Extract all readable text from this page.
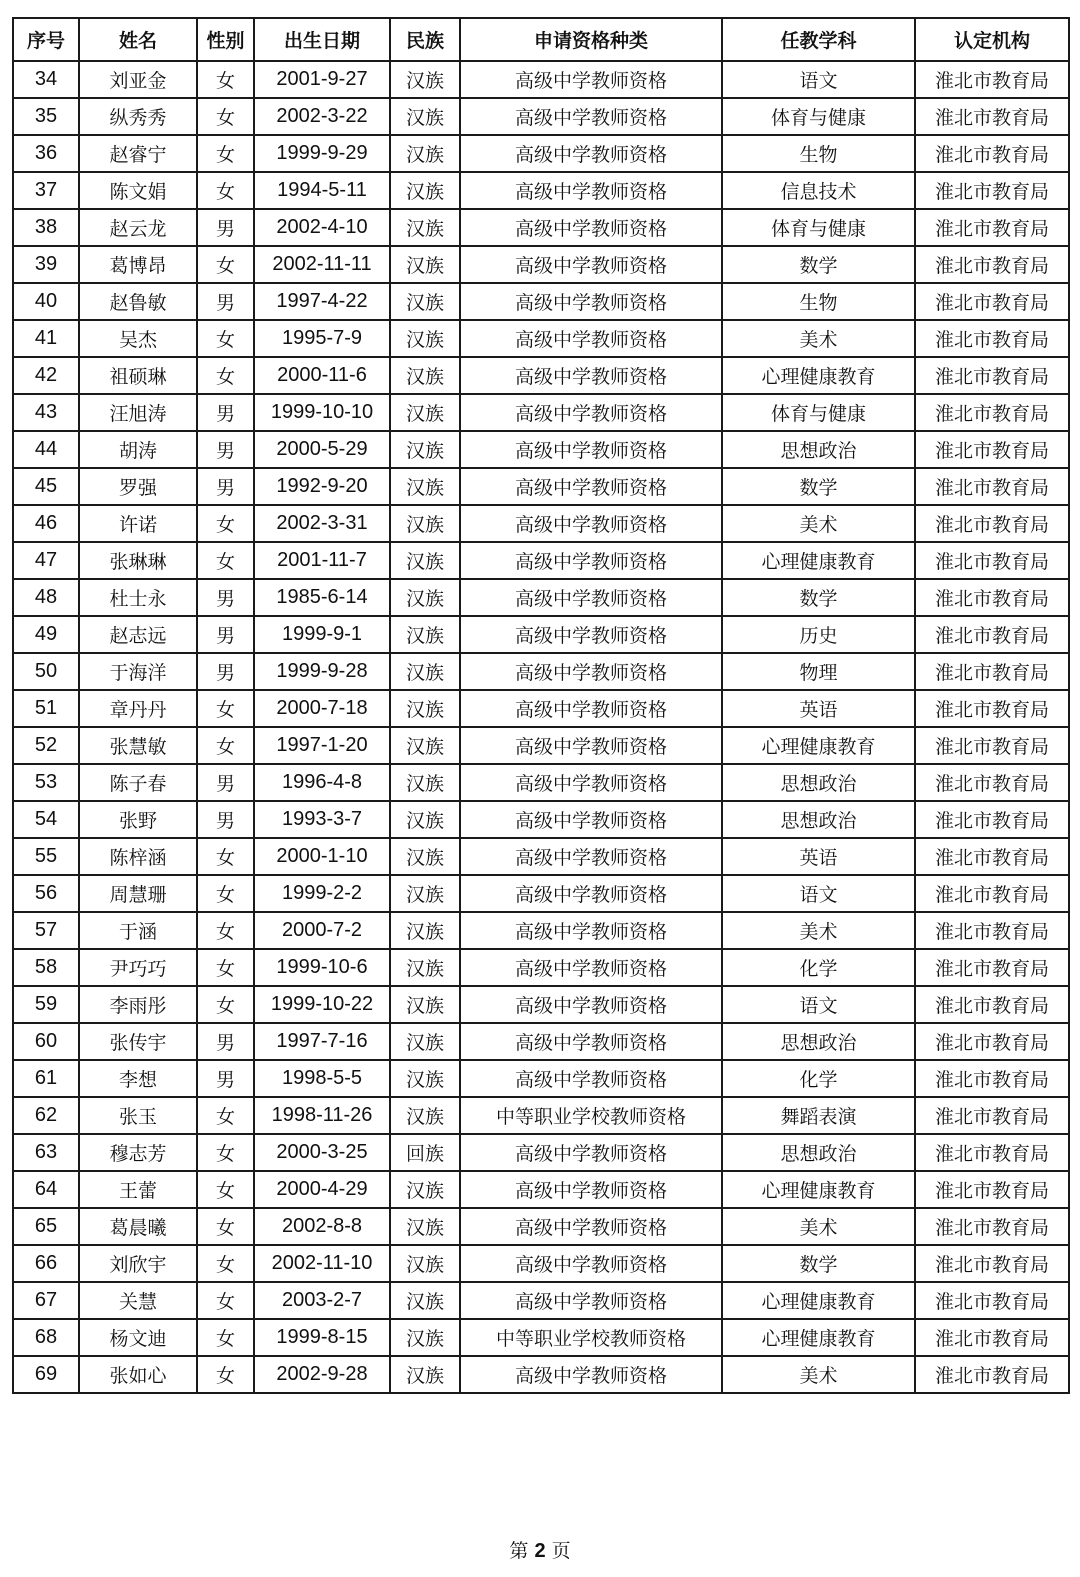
序号	姓名	性别	出生日期	民族	申请资格种类	任教学科	认定机构
34	刘亚金	女	2001-9-27	汉族	高级中学教师资格	语文	淮北市教育局
35	纵秀秀	女	2002-3-22	汉族	高级中学教师资格	体育与健康	淮北市教育局
36	赵睿宁	女	1999-9-29	汉族	高级中学教师资格	生物	淮北市教育局
37	陈文娟	女	1994-5-11	汉族	高级中学教师资格	信息技术	淮北市教育局
38	赵云龙	男	2002-4-10	汉族	高级中学教师资格	体育与健康	淮北市教育局
39	葛博昂	女	2002-11-11	汉族	高级中学教师资格	数学	淮北市教育局
40	赵鲁敏	男	1997-4-22	汉族	高级中学教师资格	生物	淮北市教育局
41	吴杰	女	1995-7-9	汉族	高级中学教师资格	美术	淮北市教育局
42	祖硕琳	女	2000-11-6	汉族	高级中学教师资格	心理健康教育	淮北市教育局
43	汪旭涛	男	1999-10-10	汉族	高级中学教师资格	体育与健康	淮北市教育局
44	胡涛	男	2000-5-29	汉族	高级中学教师资格	思想政治	淮北市教育局
45	罗强	男	1992-9-20	汉族	高级中学教师资格	数学	淮北市教育局
46	许诺	女	2002-3-31	汉族	高级中学教师资格	美术	淮北市教育局
47	张琳琳	女	2001-11-7	汉族	高级中学教师资格	心理健康教育	淮北市教育局
48	杜士永	男	1985-6-14	汉族	高级中学教师资格	数学	淮北市教育局
49	赵志远	男	1999-9-1	汉族	高级中学教师资格	历史	淮北市教育局
50	于海洋	男	1999-9-28	汉族	高级中学教师资格	物理	淮北市教育局
51	章丹丹	女	2000-7-18	汉族	高级中学教师资格	英语	淮北市教育局
52	张慧敏	女	1997-1-20	汉族	高级中学教师资格	心理健康教育	淮北市教育局
53	陈子春	男	1996-4-8	汉族	高级中学教师资格	思想政治	淮北市教育局
54	张野	男	1993-3-7	汉族	高级中学教师资格	思想政治	淮北市教育局
55	陈梓涵	女	2000-1-10	汉族	高级中学教师资格	英语	淮北市教育局
56	周慧珊	女	1999-2-2	汉族	高级中学教师资格	语文	淮北市教育局
57	于涵	女	2000-7-2	汉族	高级中学教师资格	美术	淮北市教育局
58	尹巧巧	女	1999-10-6	汉族	高级中学教师资格	化学	淮北市教育局
59	李雨彤	女	1999-10-22	汉族	高级中学教师资格	语文	淮北市教育局
60	张传宇	男	1997-7-16	汉族	高级中学教师资格	思想政治	淮北市教育局
61	李想	男	1998-5-5	汉族	高级中学教师资格	化学	淮北市教育局
62	张玉	女	1998-11-26	汉族	中等职业学校教师资格	舞蹈表演	淮北市教育局
63	穆志芳	女	2000-3-25	回族	高级中学教师资格	思想政治	淮北市教育局
64	王蕾	女	2000-4-29	汉族	高级中学教师资格	心理健康教育	淮北市教育局
65	葛晨曦	女	2002-8-8	汉族	高级中学教师资格	美术	淮北市教育局
66	刘欣宇	女	2002-11-10	汉族	高级中学教师资格	数学	淮北市教育局
67	关慧	女	2003-2-7	汉族	高级中学教师资格	心理健康教育	淮北市教育局
68	杨文迪	女	1999-8-15	汉族	中等职业学校教师资格	心理健康教育	淮北市教育局
69	张如心	女	2002-9-28	汉族	高级中学教师资格	美术	淮北市教育局
第 2 页
